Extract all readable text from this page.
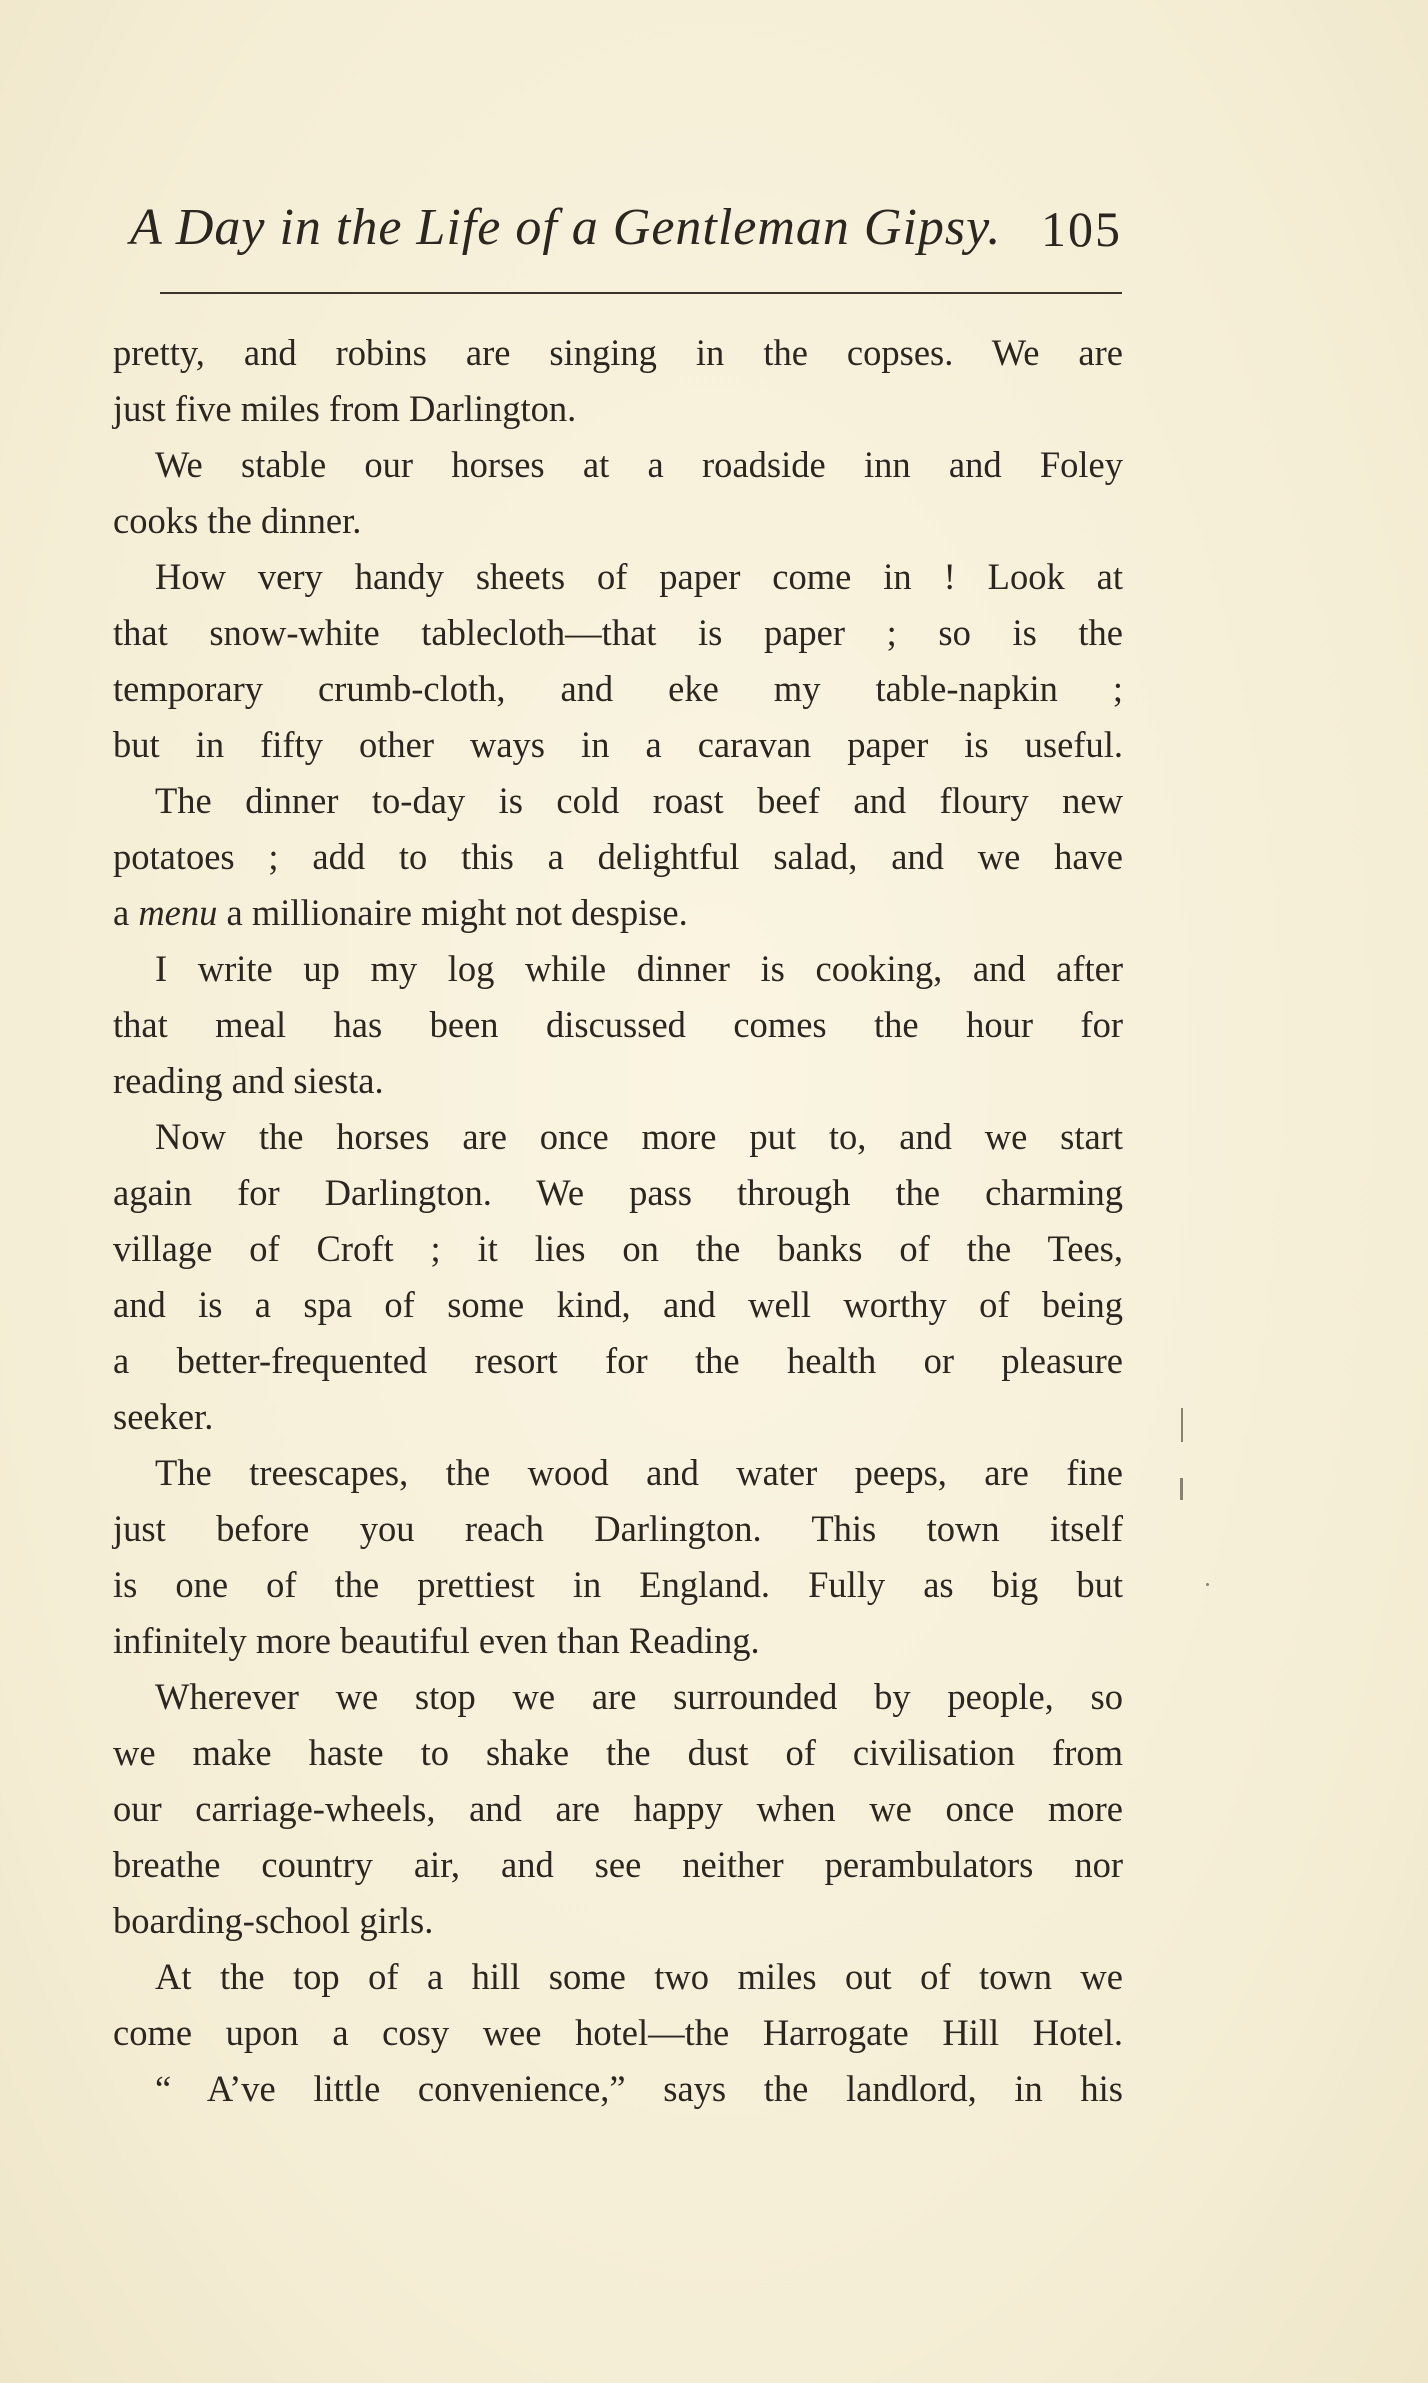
A Day in the Life of a Gentleman Gipsy. 105
pretty, and robins are singing in the copses. We are
just five miles from Darlington.
We stable our horses at a roadside inn and Foley
cooks the dinner.
How very handy sheets of paper come in ! Look at
that snow-white tablecloth—that is paper ; so is the
temporary crumb-cloth, and eke my table-napkin ;
but in fifty other ways in a caravan paper is useful.
The dinner to-day is cold roast beef and floury new
potatoes ; add to this a delightful salad, and we have
a menu a millionaire might not despise.
I write up my log while dinner is cooking, and after
that meal has been discussed comes the hour for
reading and siesta.
Now the horses are once more put to, and we start
again for Darlington. We pass through the charming
village of Croft ; it lies on the banks of the Tees,
and is a spa of some kind, and well worthy of being
a better-frequented resort for the health or pleasure
seeker.
The treescapes, the wood and water peeps, are fine
just before you reach Darlington. This town itself
is one of the prettiest in England. Fully as big but
infinitely more beautiful even than Reading.
Wherever we stop we are surrounded by people, so
we make haste to shake the dust of civilisation from
our carriage-wheels, and are happy when we once more
breathe country air, and see neither perambulators nor
boarding-school girls.
At the top of a hill some two miles out of town we
come upon a cosy wee hotel—the Harrogate Hill Hotel.
“ A’ve little convenience,” says the landlord, in his
